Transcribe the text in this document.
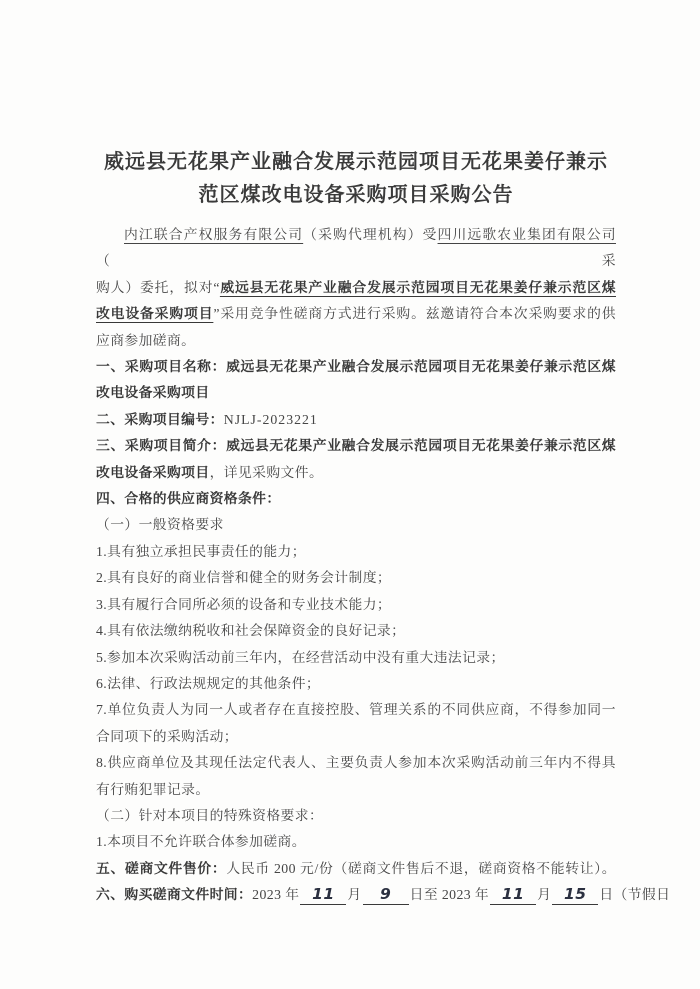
威远县无花果产业融合发展示范园项目无花果姜仔兼示
范区煤改电设备采购项目采购公告

内江联合产权服务有限公司（采购代理机构）受四川远歌农业集团有限公司（采

购人）委托，拟对“威远县无花果产业融合发展示范园项目无花果姜仔兼示范区煤

改电设备采购项目”采用竞争性磋商方式进行采购。兹邀请符合本次采购要求的供

应商参加磋商。

一、采购项目名称：威远县无花果产业融合发展示范园项目无花果姜仔兼示范区煤

改电设备采购项目

二、采购项目编号：NJLJ-2023221

三、采购项目简介：威远县无花果产业融合发展示范园项目无花果姜仔兼示范区煤

改电设备采购项目，详见采购文件。

四、合格的供应商资格条件：

（一）一般资格要求

1.具有独立承担民事责任的能力；

2.具有良好的商业信誉和健全的财务会计制度；

3.具有履行合同所必须的设备和专业技术能力；

4.具有依法缴纳税收和社会保障资金的良好记录；

5.参加本次采购活动前三年内，在经营活动中没有重大违法记录；

6.法律、行政法规规定的其他条件；

7.单位负责人为同一人或者存在直接控股、管理关系的不同供应商，不得参加同一

合同项下的采购活动；

8.供应商单位及其现任法定代表人、主要负责人参加本次采购活动前三年内不得具

有行贿犯罪记录。

（二）针对本项目的特殊资格要求：

1.本项目不允许联合体参加磋商。

五、磋商文件售价：人民币 200 元/份（磋商文件售后不退，磋商资格不能转让）。

六、购买磋商文件时间：2023 年 11 月 9 日至 2023 年 11 月 15 日（节假日
